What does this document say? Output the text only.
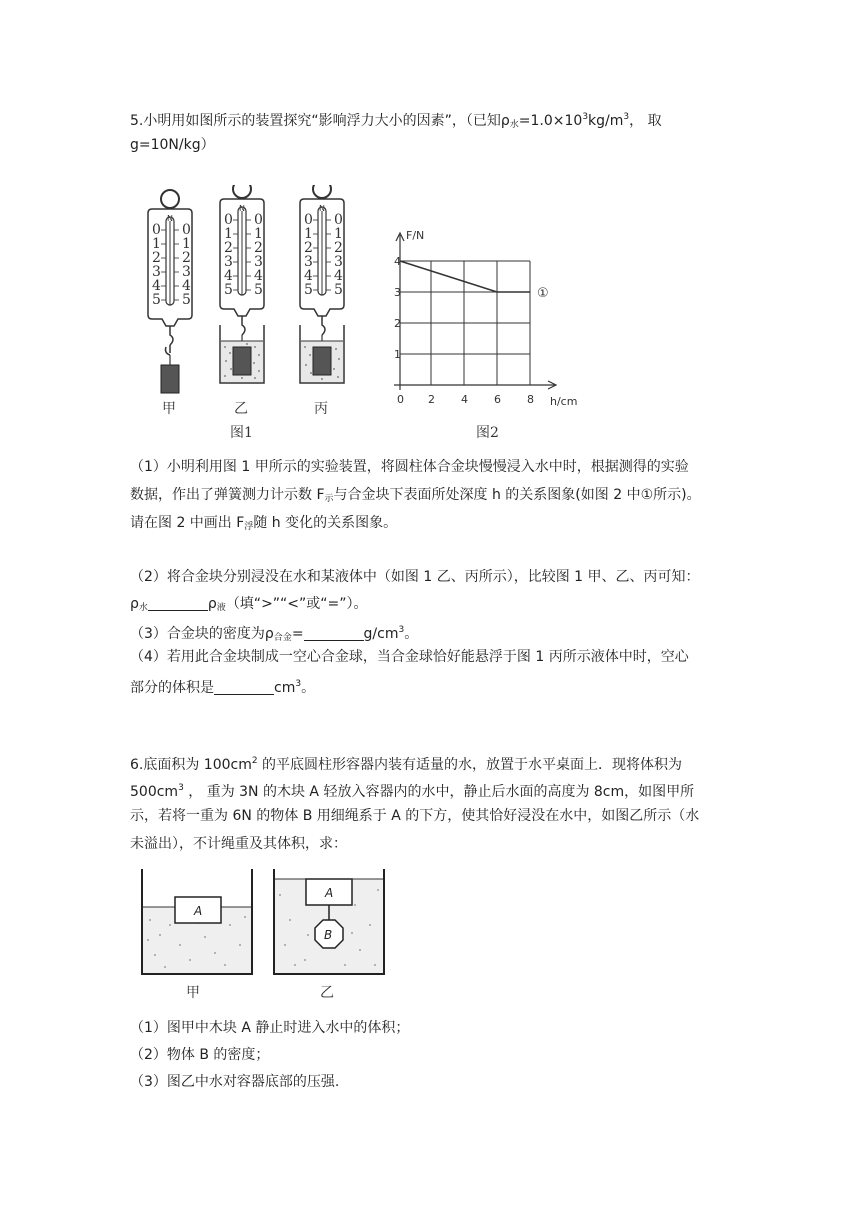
5.小明用如图所示的装置探究“影响浮力大小的因素”，（已知$\rho_水=1.0\times 10^3kg/m^3$， 取
g=10N/kg）
0 0
1 1
2 2
3 3
4 4
5 5
N
甲
0 0
1 1
2 2
3 3
4 4
5 5
N
乙
0 0
1 1
2 2
3 3
4 4
5 5
N
丙
图1
F/N
h/cm
4
3
2
1
0 2 4 6 8
①
图2
（1）小明利用图 1 甲所示的实验装置，将圆柱体合金块慢慢浸入水中时，根据测得的实验
数据，作出了弹簧测力计示数 $F_示$与合金块下表面所处深度 h 的关系图象(如图 2 中①所示)。
请在图 2 中画出 $F_浮$随 h 变化的关系图象。
（2）将合金块分别浸没在水和某液体中（如图 1 乙、丙所示），比较图 1 甲、乙、丙可知：
$\rho_水$	$\rho_液$（填“>”“<”或“=”）。
（3）合金块的密度为$\rho_{合金}=$	$g/cm^3$。
（4）若用此合金块制成一空心合金球，当合金球恰好能悬浮于图 1 丙所示液体中时，空心
部分的体积是	$cm^3$。
6.底面积为 $100cm^2$ 的平底圆柱形容器内装有适量的水，放置于水平桌面上．现将体积为
$500cm^3$ ， 重为 3N 的木块 A 轻放入容器内的水中，静止后水面的高度为 8cm，如图甲所
示，若将一重为 6N 的物体 B 用细绳系于 A 的下方，使其恰好浸没在水中，如图乙所示（水
未溢出），不计绳重及其体积，求：
A
甲
A
B
乙
（1）图甲中木块 A 静止时进入水中的体积；
（2）物体 B 的密度；
（3）图乙中水对容器底部的压强.
